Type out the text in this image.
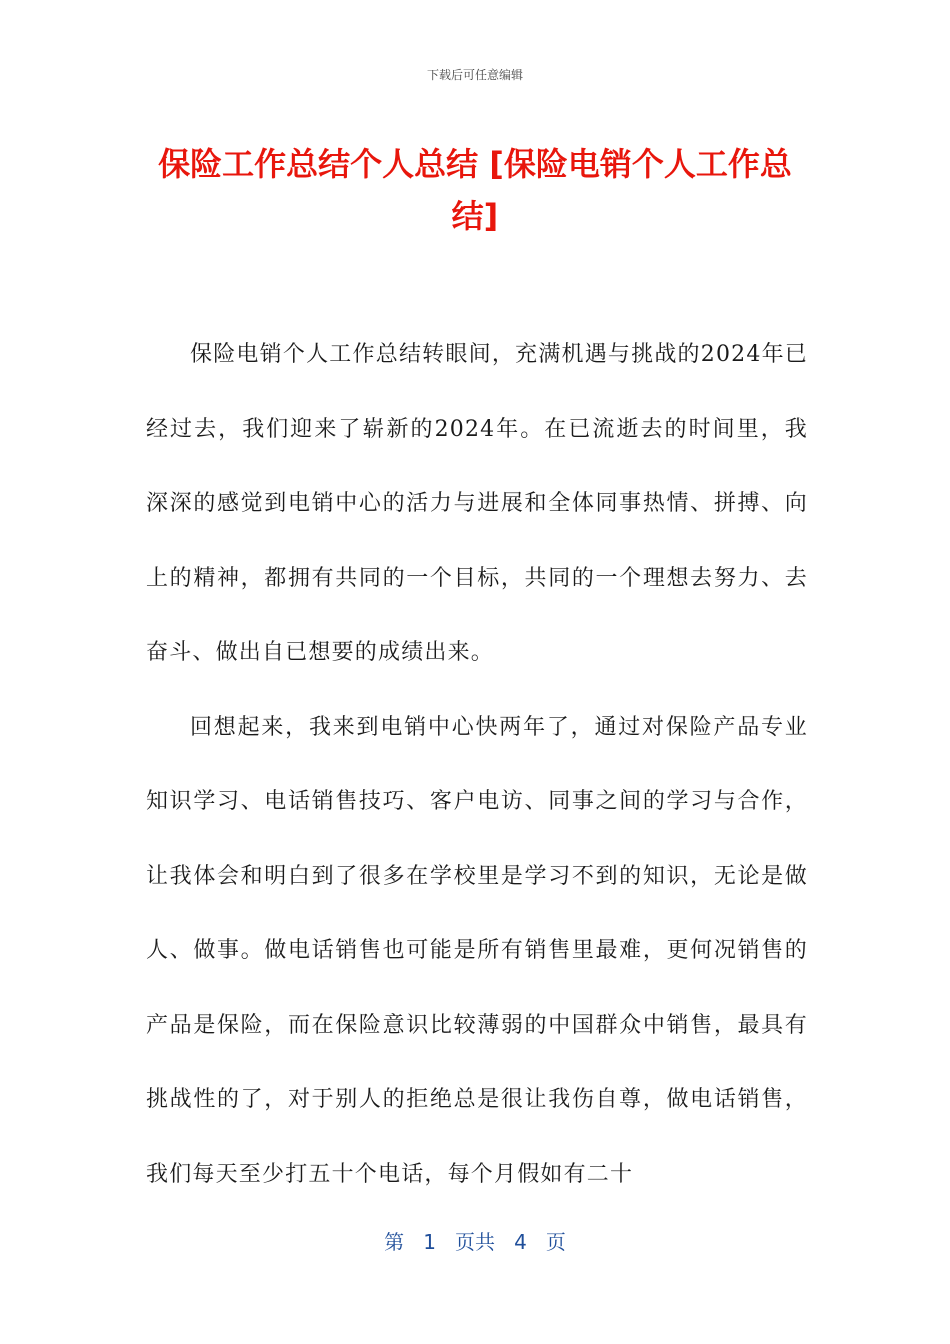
下载后可任意编辑
保险工作总结个人总结 [保险电销个人工作总结]

保险电销个人工作总结转眼间，充满机遇与挑战的2024年已经过去，我们迎来了崭新的2024年。在已流逝去的时间里，我深深的感觉到电销中心的活力与进展和全体同事热情、拼搏、向上的精神，都拥有共同的一个目标，共同的一个理想去努力、去奋斗、做出自已想要的成绩出来。

回想起来，我来到电销中心快两年了，通过对保险产品专业知识学习、电话销售技巧、客户电访、同事之间的学习与合作，让我体会和明白到了很多在学校里是学习不到的知识，无论是做人、做事。做电话销售也可能是所有销售里最难，更何况销售的产品是保险，而在保险意识比较薄弱的中国群众中销售，最具有挑战性的了，对于别人的拒绝总是很让我伤自尊，做电话销售，我们每天至少打五十个电话，每个月假如有二十

第 1 页共 4 页
